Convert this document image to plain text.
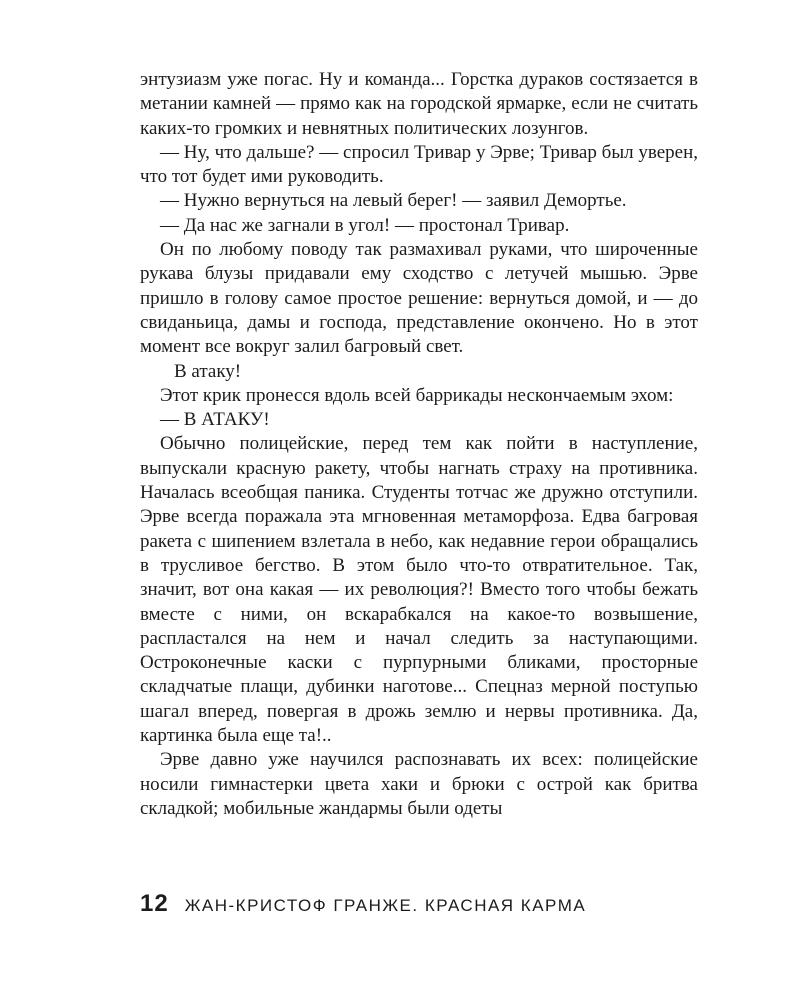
энтузиазм уже погас. Ну и команда... Горстка дураков состязается в метании камней — прямо как на городской ярмарке, если не считать каких-то громких и невнятных политических лозунгов.

— Ну, что дальше? — спросил Тривар у Эрве; Тривар был уверен, что тот будет ими руководить.

— Нужно вернуться на левый берег! — заявил Демортье.

— Да нас же загнали в угол! — простонал Тривар.

Он по любому поводу так размахивал руками, что широченные рукава блузы придавали ему сходство с летучей мышью. Эрве пришло в голову самое простое решение: вернуться домой, и — до свиданьица, дамы и господа, представление окончено. Но в этот момент все вокруг залил багровый свет.

В атаку!

Этот крик пронесся вдоль всей баррикады нескончаемым эхом:

— В АТАКУ!

Обычно полицейские, перед тем как пойти в наступление, выпускали красную ракету, чтобы нагнать страху на противника. Началась всеобщая паника. Студенты тотчас же дружно отступили. Эрве всегда поражала эта мгновенная метаморфоза. Едва багровая ракета с шипением взлетала в небо, как недавние герои обращались в трусливое бегство. В этом было что-то отвратительное. Так, значит, вот она какая — их революция?! Вместо того чтобы бежать вместе с ними, он вскарабкался на какое-то возвышение, распластался на нем и начал следить за наступающими. Остроконечные каски с пурпурными бликами, просторные складчатые плащи, дубинки наготове... Спецназ мерной поступью шагал вперед, повергая в дрожь землю и нервы противника. Да, картинка была еще та!..

Эрве давно уже научился распознавать их всех: полицейские носили гимнастерки цвета хаки и брюки с острой как бритва складкой; мобильные жандармы были одеты

12 ЖАН-КРИСТОФ ГРАНЖЕ. КРАСНАЯ КАРМА
